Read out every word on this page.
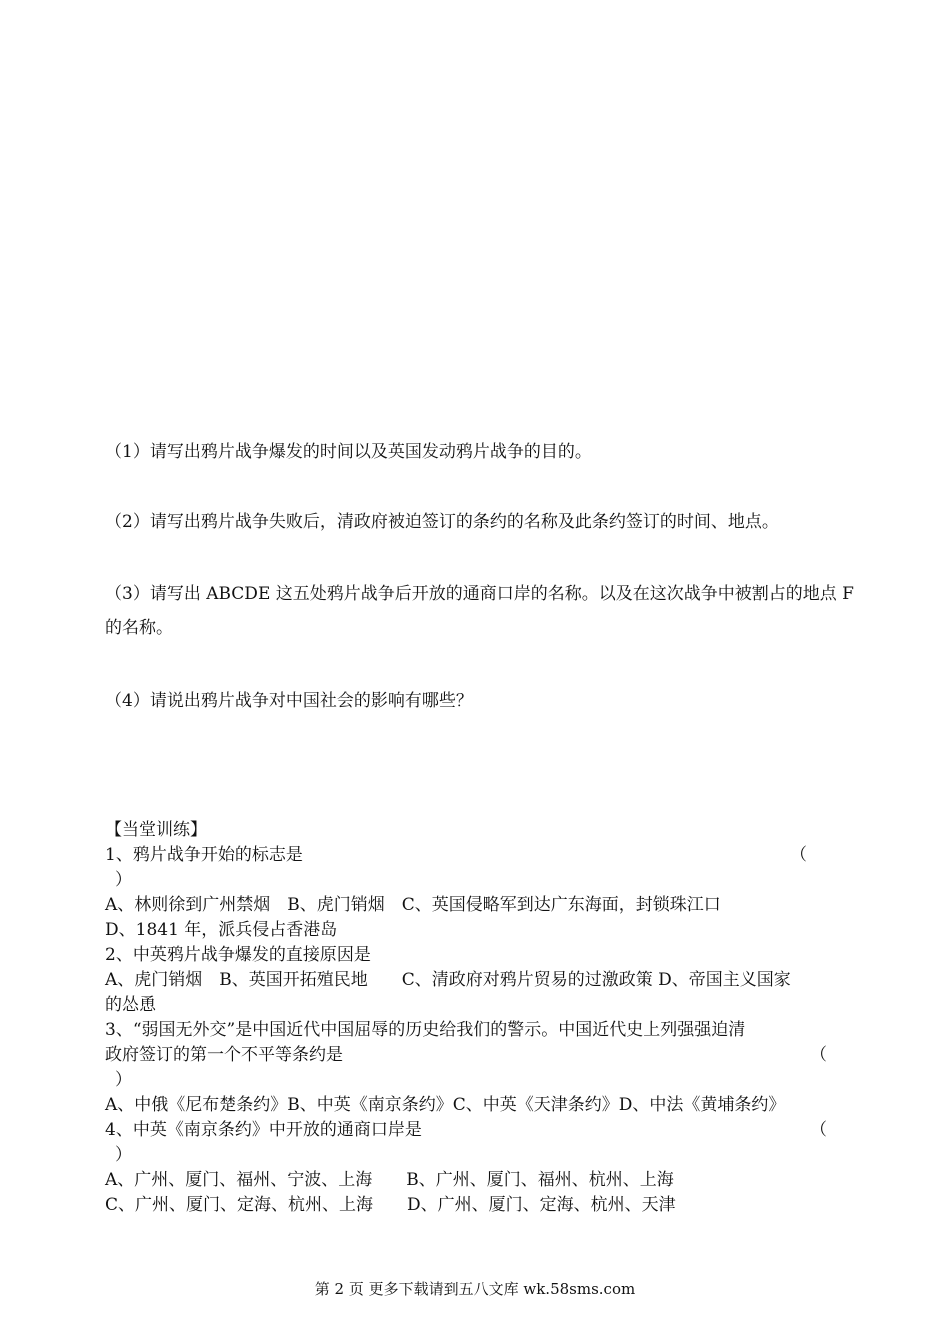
（1）请写出鸦片战争爆发的时间以及英国发动鸦片战争的目的。

（2）请写出鸦片战争失败后，清政府被迫签订的条约的名称及此条约签订的时间、地点。

（3）请写出 ABCDE 这五处鸦片战争后开放的通商口岸的名称。以及在这次战争中被割占的地点 F 的名称。

（4）请说出鸦片战争对中国社会的影响有哪些？

【当堂训练】
1、鸦片战争开始的标志是	（
）
A、林则徐到广州禁烟　B、虎门销烟　C、英国侵略军到达广东海面，封锁珠江口
D、1841 年，派兵侵占香港岛
2、中英鸦片战争爆发的直接原因是
A、虎门销烟　B、英国开拓殖民地　　C、清政府对鸦片贸易的过激政策 D、帝国主义国家
的怂恿
3、“弱国无外交”是中国近代中国屈辱的历史给我们的警示。中国近代史上列强强迫清
政府签订的第一个不平等条约是	（
）
A、中俄《尼布楚条约》B、中英《南京条约》C、中英《天津条约》D、中法《黄埔条约》
4、中英《南京条约》中开放的通商口岸是	（
）
A、广州、厦门、福州、宁波、上海　　B、广州、厦门、福州、杭州、上海
C、广州、厦门、定海、杭州、上海　　D、广州、厦门、定海、杭州、天津
第 2 页 更多下载请到五八文库 wk.58sms.com
